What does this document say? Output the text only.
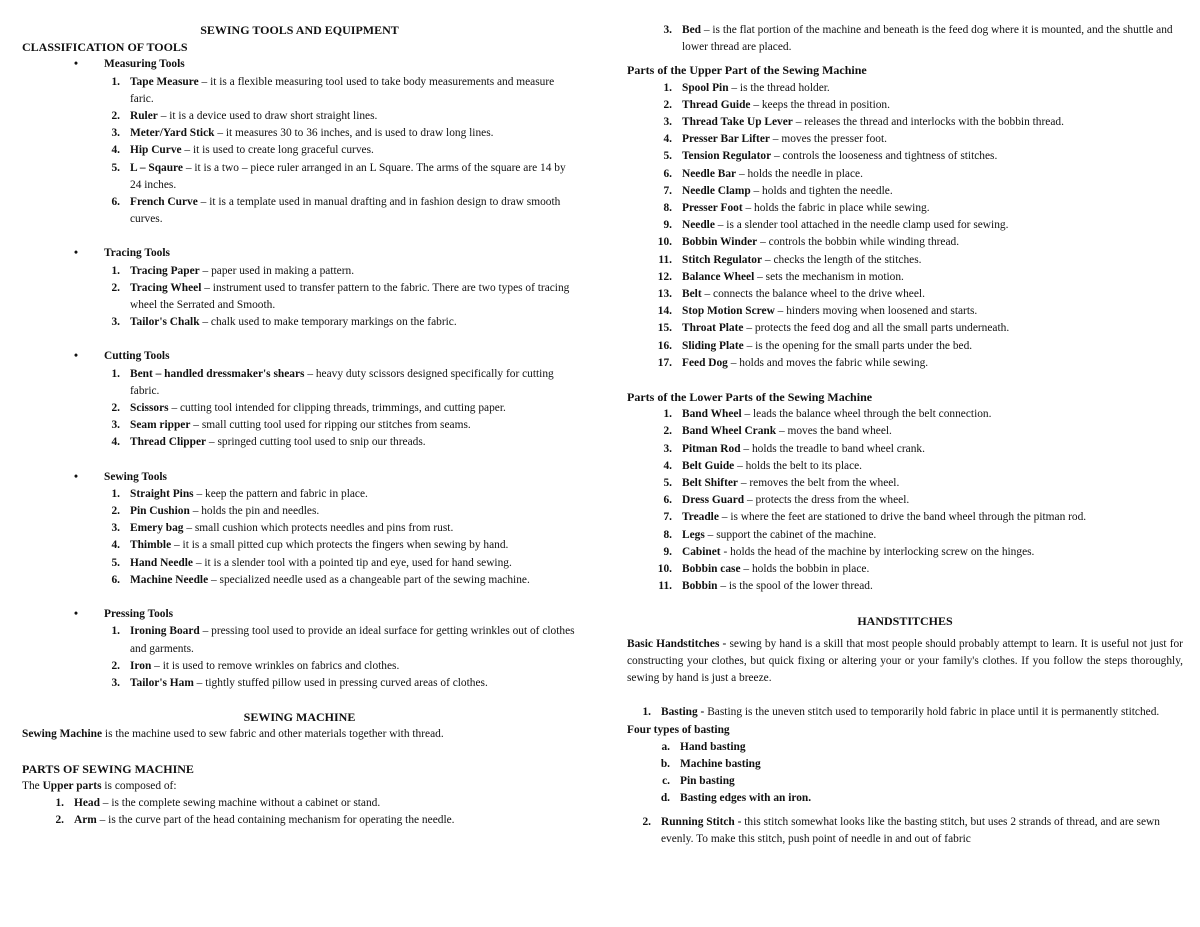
SEWING TOOLS AND EQUIPMENT
CLASSIFICATION OF TOOLS
•	Measuring Tools
1. Tape Measure – it is a flexible measuring tool used to take body measurements and measure faric.
2. Ruler – it is a device used to draw short straight lines.
3. Meter/Yard Stick – it measures 30 to 36 inches, and is used to draw long lines.
4. Hip Curve – it is used to create long graceful curves.
5. L – Sqaure – it is a two – piece ruler arranged in an L Square. The arms of the square are 14 by 24 inches.
6. French Curve – it is a template used in manual drafting and in fashion design to draw smooth curves.
•	Tracing Tools
1. Tracing Paper – paper used in making a pattern.
2. Tracing Wheel – instrument used to transfer pattern to the fabric. There are two types of tracing wheel the Serrated and Smooth.
3. Tailor's Chalk – chalk used to make temporary markings on the fabric.
•	Cutting Tools
1. Bent – handled dressmaker's shears – heavy duty scissors designed specifically for cutting fabric.
2. Scissors – cutting tool intended for clipping threads, trimmings, and cutting paper.
3. Seam ripper – small cutting tool used for ripping our stitches from seams.
4. Thread Clipper – springed cutting tool used to snip our threads.
•	Sewing Tools
1. Straight Pins – keep the pattern and fabric in place.
2. Pin Cushion – holds the pin and needles.
3. Emery bag – small cushion which protects needles and pins from rust.
4. Thimble – it is a small pitted cup which protects the fingers when sewing by hand.
5. Hand Needle – it is a slender tool with a pointed tip and eye, used for hand sewing.
6. Machine Needle – specialized needle used as a changeable part of the sewing machine.
•	Pressing Tools
1. Ironing Board – pressing tool used to provide an ideal surface for getting wrinkles out of clothes and garments.
2. Iron – it is used to remove wrinkles on fabrics and clothes.
3. Tailor's Ham – tightly stuffed pillow used in pressing curved areas of clothes.
SEWING MACHINE
Sewing Machine is the machine used to sew fabric and other materials together with thread.
PARTS OF SEWING MACHINE
The Upper parts is composed of:
1. Head – is the complete sewing machine without a cabinet or stand.
2. Arm – is the curve part of the head containing mechanism for operating the needle.
3. Bed – is the flat portion of the machine and beneath is the feed dog where it is mounted, and the shuttle and lower thread are placed.
Parts of the Upper Part of the Sewing Machine
1. Spool Pin – is the thread holder.
2. Thread Guide – keeps the thread in position.
3. Thread Take Up Lever – releases the thread and interlocks with the bobbin thread.
4. Presser Bar Lifter – moves the presser foot.
5. Tension Regulator – controls the looseness and tightness of stitches.
6. Needle Bar – holds the needle in place.
7. Needle Clamp – holds and tighten the needle.
8. Presser Foot – holds the fabric in place while sewing.
9. Needle – is a slender tool attached in the needle clamp used for sewing.
10. Bobbin Winder – controls the bobbin while winding thread.
11. Stitch Regulator – checks the length of the stitches.
12. Balance Wheel – sets the mechanism in motion.
13. Belt – connects the balance wheel to the drive wheel.
14. Stop Motion Screw – hinders moving when loosened and starts.
15. Throat Plate – protects the feed dog and all the small parts underneath.
16. Sliding Plate – is the opening for the small parts under the bed.
17. Feed Dog – holds and moves the fabric while sewing.
Parts of the Lower Parts of the Sewing Machine
1. Band Wheel – leads the balance wheel through the belt connection.
2. Band Wheel Crank – moves the band wheel.
3. Pitman Rod – holds the treadle to band wheel crank.
4. Belt Guide – holds the belt to its place.
5. Belt Shifter – removes the belt from the wheel.
6. Dress Guard – protects the dress from the wheel.
7. Treadle – is where the feet are stationed to drive the band wheel through the pitman rod.
8. Legs – support the cabinet of the machine.
9. Cabinet - holds the head of the machine by interlocking screw on the hinges.
10. Bobbin case – holds the bobbin in place.
11. Bobbin – is the spool of the lower thread.
HANDSTITCHES

Basic Handstitches - sewing by hand is a skill that most people should probably attempt to learn. It is useful not just for constructing your clothes, but quick fixing or altering your or your family's clothes. If you follow the steps thoroughly, sewing by hand is just a breeze.

1. Basting - Basting is the uneven stitch used to temporarily hold fabric in place until it is permanently stitched.
Four types of basting
a. Hand basting
b. Machine basting
c. Pin basting
d. Basting edges with an iron.
2. Running Stitch - this stitch somewhat looks like the basting stitch, but uses 2 strands of thread, and are sewn evenly. To make this stitch, push point of needle in and out of fabric
